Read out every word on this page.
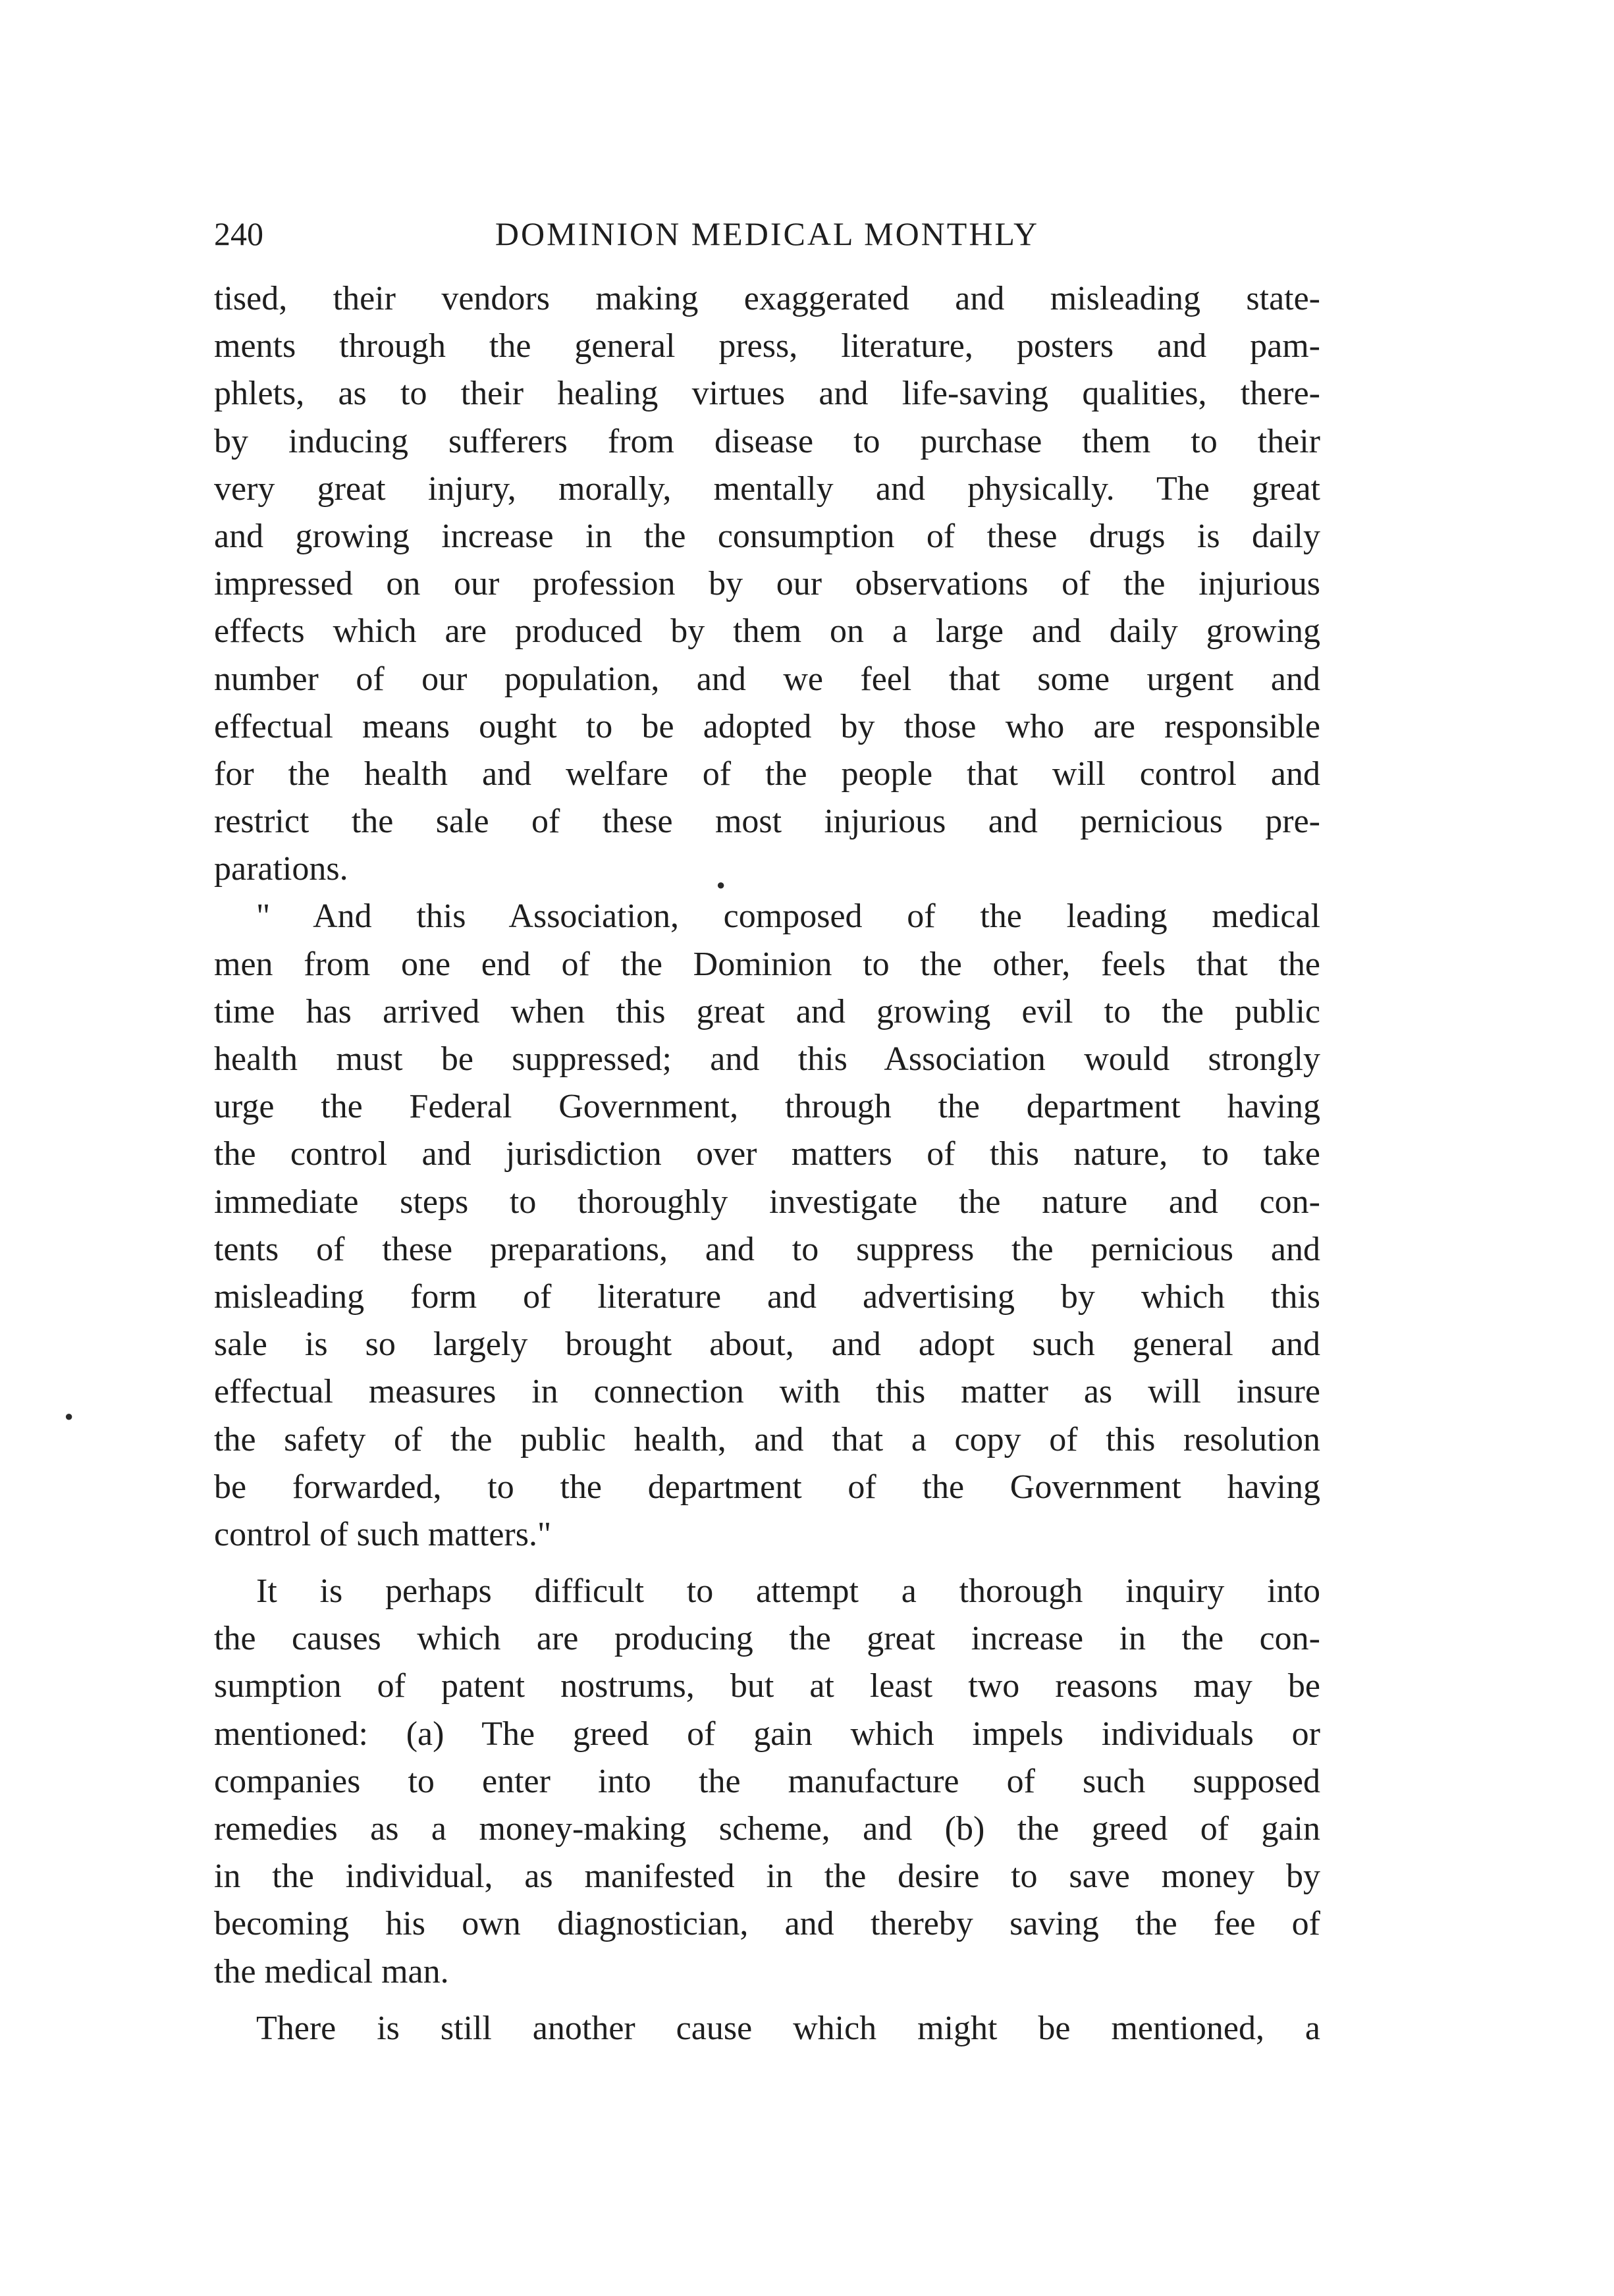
240	DOMINION MEDICAL MONTHLY
tised, their vendors making exaggerated and misleading state-
ments through the general press, literature, posters and pam-
phlets, as to their healing virtues and life-saving qualities, there-
by inducing sufferers from disease to purchase them to their
very great injury, morally, mentally and physically. The great
and growing increase in the consumption of these drugs is daily
impressed on our profession by our observations of the injurious
effects which are produced by them on a large and daily growing
number of our population, and we feel that some urgent and
effectual means ought to be adopted by those who are responsible
for the health and welfare of the people that will control and
restrict the sale of these most injurious and pernicious pre-
parations.
" And this Association, composed of the leading medical
men from one end of the Dominion to the other, feels that the
time has arrived when this great and growing evil to the public
health must be suppressed; and this Association would strongly
urge the Federal Government, through the department having
the control and jurisdiction over matters of this nature, to take
immediate steps to thoroughly investigate the nature and con-
tents of these preparations, and to suppress the pernicious and
misleading form of literature and advertising by which this
sale is so largely brought about, and adopt such general and
effectual measures in connection with this matter as will insure
the safety of the public health, and that a copy of this resolution
be forwarded, to the department of the Government having
control of such matters."
It is perhaps difficult to attempt a thorough inquiry into
the causes which are producing the great increase in the con-
sumption of patent nostrums, but at least two reasons may be
mentioned: (a) The greed of gain which impels individuals or
companies to enter into the manufacture of such supposed
remedies as a money-making scheme, and (b) the greed of gain
in the individual, as manifested in the desire to save money by
becoming his own diagnostician, and thereby saving the fee of
the medical man.
There is still another cause which might be mentioned, a
●
●
